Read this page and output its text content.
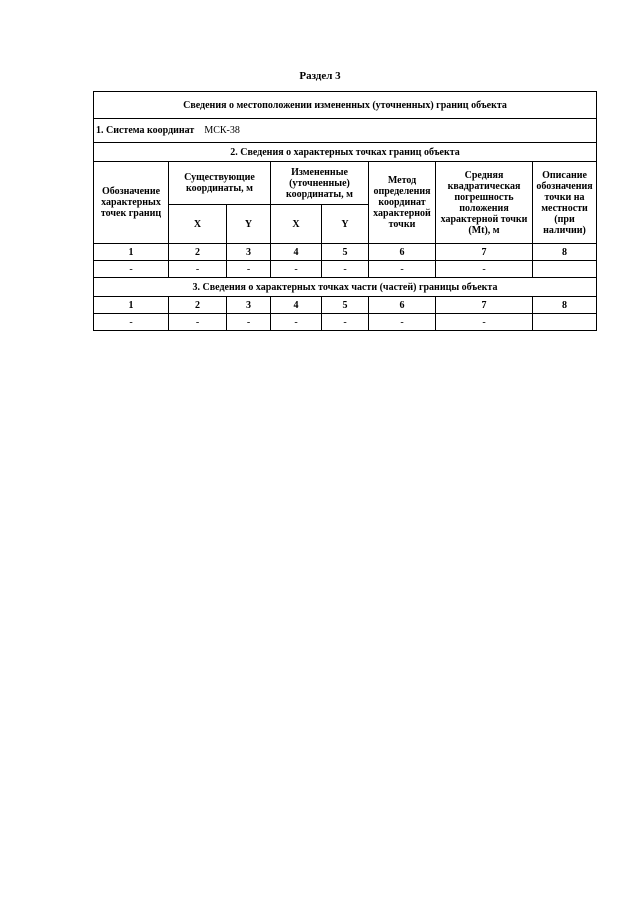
Раздел 3
Сведения о местоположении измененных (уточненных) границ объекта							
1. Система координат МСК-38							
2. Сведения о характерных точках границ объекта							
Обозначение характерных точек границ	Существующие координаты, м		Измененные (уточненные) координаты, м		Метод определения координат характерной точки	Средняя квадратическая погрешность положения характерной точки (Mt), м	Описание обозначения точки на местности (при наличии)
	X	Y	X	Y			
1	2	3	4	5	6	7	8
-	-	-	-	-	-	-	
3. Сведения о характерных точках части (частей) границы объекта							
1	2	3	4	5	6	7	8
-	-	-	-	-	-	-	
